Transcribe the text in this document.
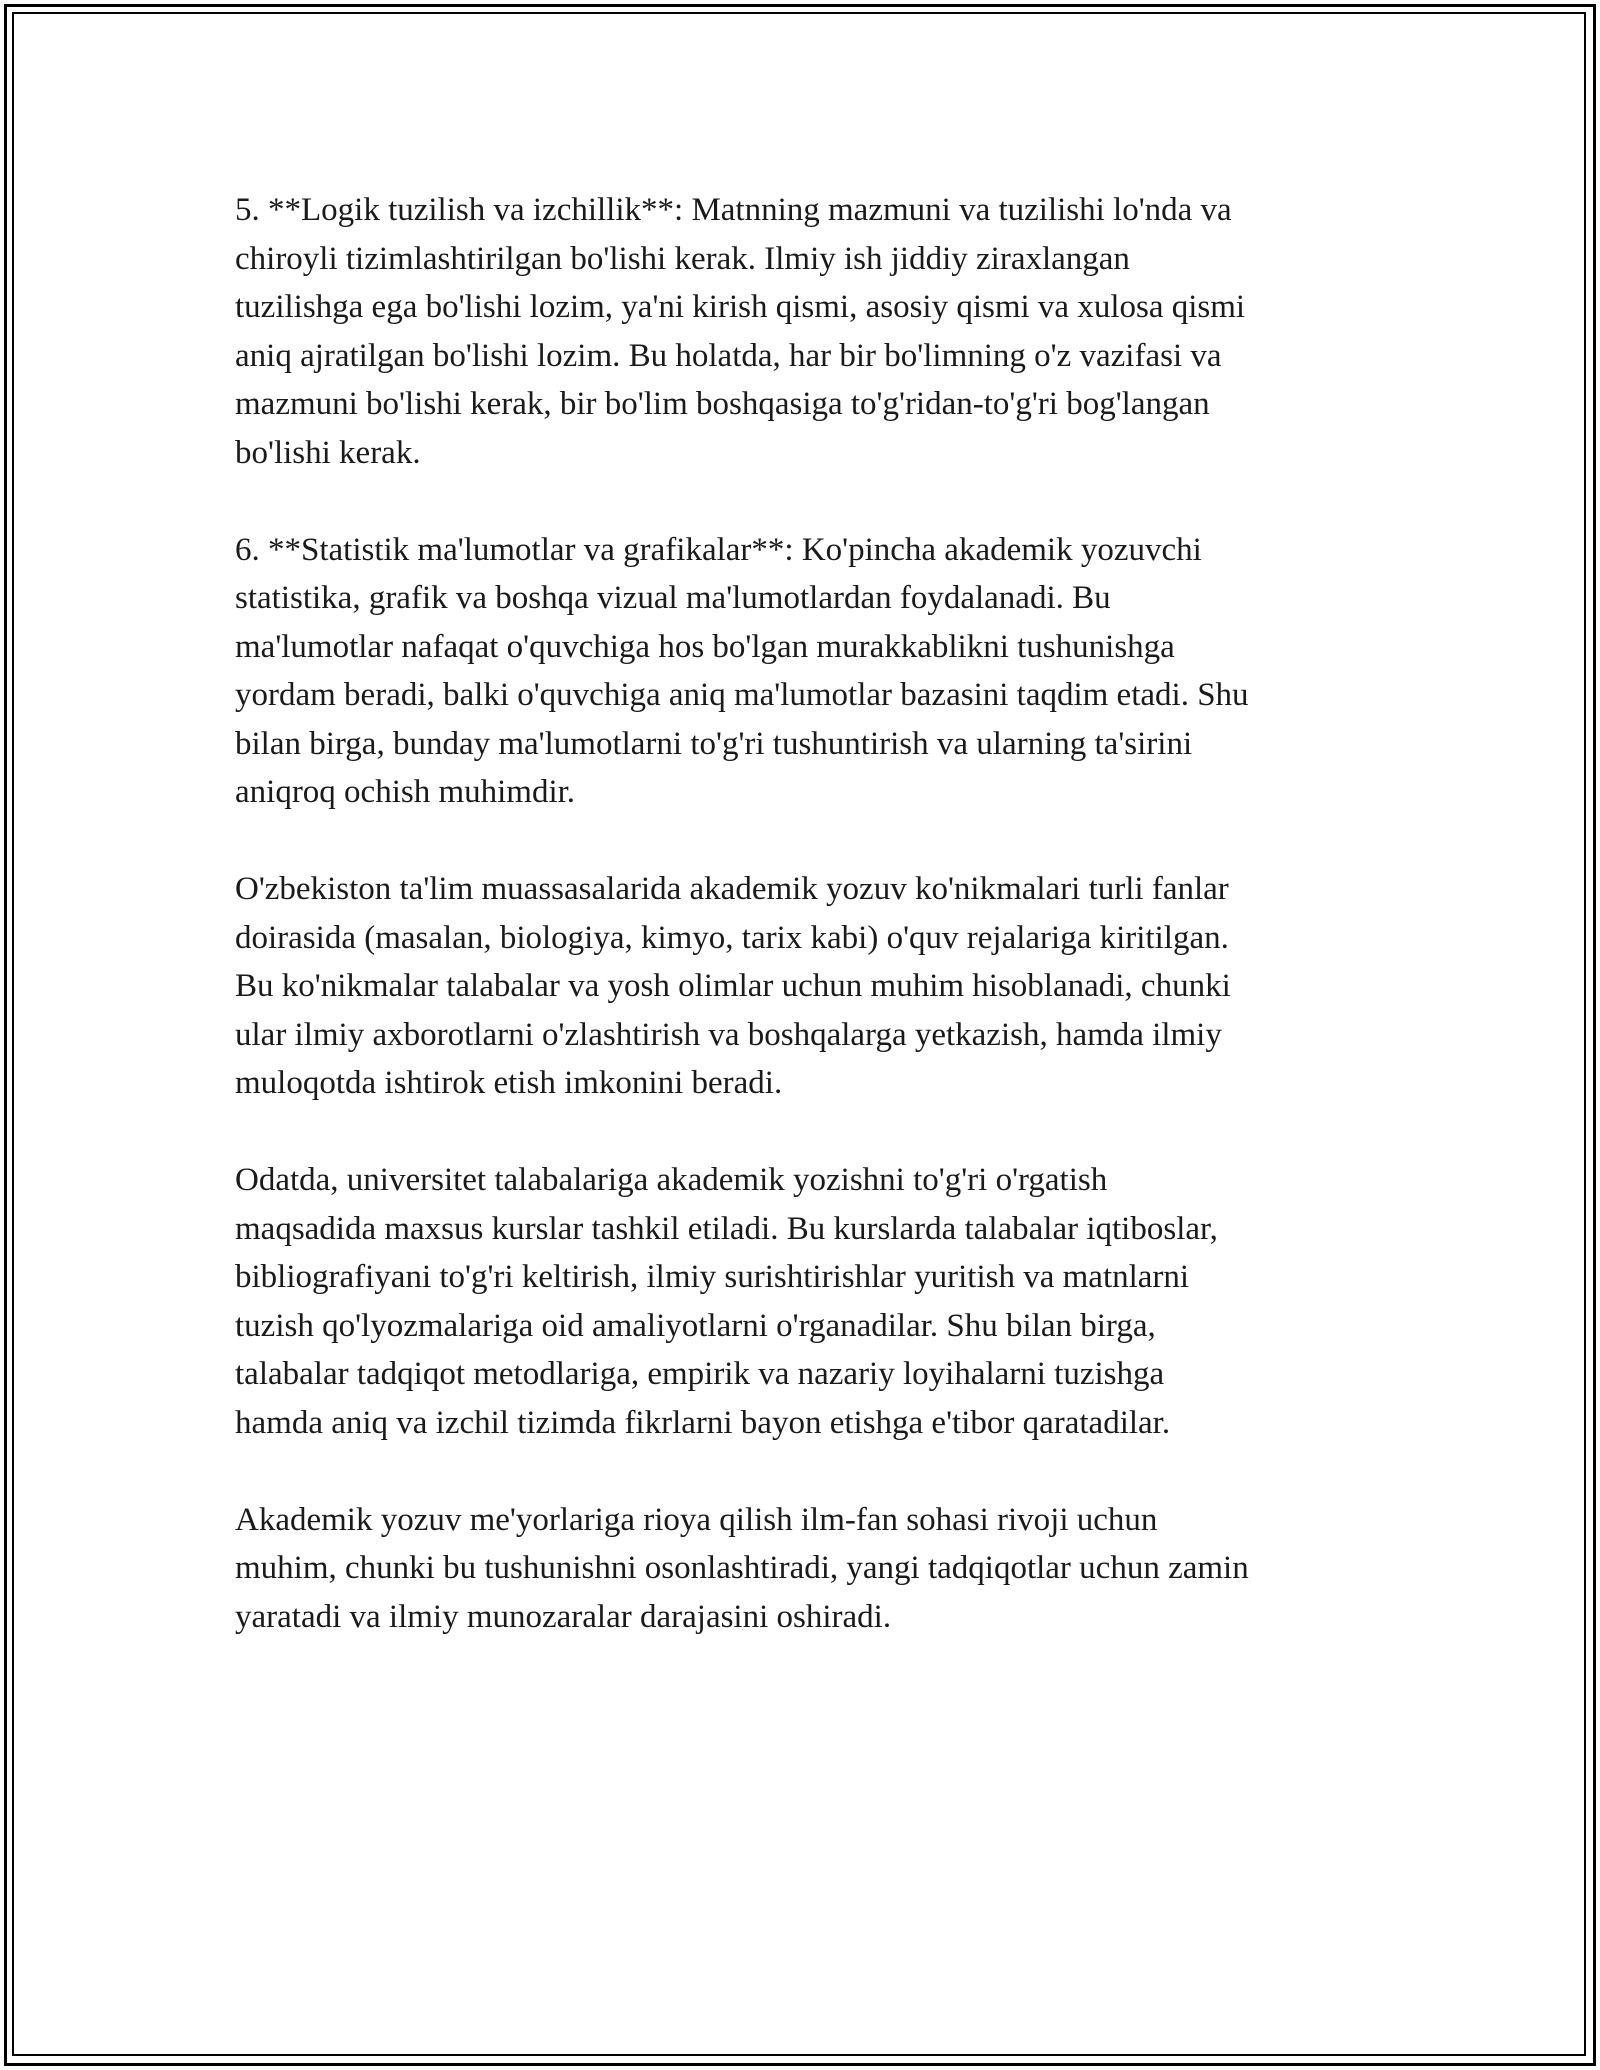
5. **Logik tuzilish va izchillik**: Matnning mazmuni va tuzilishi lo'nda va
chiroyli tizimlashtirilgan bo'lishi kerak. Ilmiy ish jiddiy ziraxlangan
tuzilishga ega bo'lishi lozim, ya'ni kirish qismi, asosiy qismi va xulosa qismi
aniq ajratilgan bo'lishi lozim. Bu holatda, har bir bo'limning o'z vazifasi va
mazmuni bo'lishi kerak, bir bo'lim boshqasiga to'g'ridan-to'g'ri bog'langan
bo'lishi kerak.

6. **Statistik ma'lumotlar va grafikalar**: Ko'pincha akademik yozuvchi
statistika, grafik va boshqa vizual ma'lumotlardan foydalanadi. Bu
ma'lumotlar nafaqat o'quvchiga hos bo'lgan murakkablikni tushunishga
yordam beradi, balki o'quvchiga aniq ma'lumotlar bazasini taqdim etadi. Shu
bilan birga, bunday ma'lumotlarni to'g'ri tushuntirish va ularning ta'sirini
aniqroq ochish muhimdir.

O'zbekiston ta'lim muassasalarida akademik yozuv ko'nikmalari turli fanlar
doirasida (masalan, biologiya, kimyo, tarix kabi) o'quv rejalariga kiritilgan.
Bu ko'nikmalar talabalar va yosh olimlar uchun muhim hisoblanadi, chunki
ular ilmiy axborotlarni o'zlashtirish va boshqalarga yetkazish, hamda ilmiy
muloqotda ishtirok etish imkonini beradi.

Odatda, universitet talabalariga akademik yozishni to'g'ri o'rgatish
maqsadida maxsus kurslar tashkil etiladi. Bu kurslarda talabalar iqtiboslar,
bibliografiyani to'g'ri keltirish, ilmiy surishtirishlar yuritish va matnlarni
tuzish qo'lyozmalariga oid amaliyotlarni o'rganadilar. Shu bilan birga,
talabalar tadqiqot metodlariga, empirik va nazariy loyihalarni tuzishga
hamda aniq va izchil tizimda fikrlarni bayon etishga e'tibor qaratadilar.

Akademik yozuv me'yorlariga rioya qilish ilm-fan sohasi rivoji uchun
muhim, chunki bu tushunishni osonlashtiradi, yangi tadqiqotlar uchun zamin
yaratadi va ilmiy munozaralar darajasini oshiradi.
